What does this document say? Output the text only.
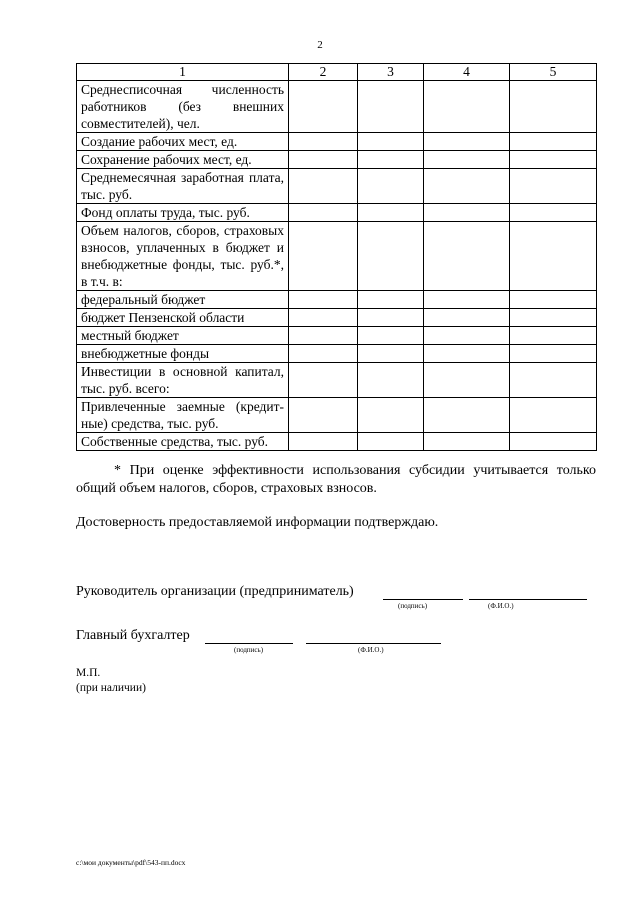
2
1	2	3	4	5
Среднесписочная численность работников (без внешних совместителей), чел.				
Создание рабочих мест, ед.				
Сохранение рабочих мест, ед.				
Среднемесячная заработная плата, тыс. руб.				
Фонд оплаты труда, тыс. руб.				
Объем налогов, сборов, страховых взносов, уплаченных в бюджет и внебюджетные фонды, тыс. руб.*, в т.ч. в:				
федеральный бюджет				
бюджет Пензенской области				
местный бюджет				
внебюджетные фонды				
Инвестиции в основной капитал, тыс. руб. всего:				
Привлеченные заемные (кредит-ные) средства, тыс. руб.				
Собственные средства, тыс. руб.				
* При оценке эффективности использования субсидии учитывается только общий объем налогов, сборов, страховых взносов.
Достоверность предоставляемой информации подтверждаю.
Руководитель организации (предприниматель)
(подпись)	(Ф.И.О.)
Главный бухгалтер
(подпись)	(Ф.И.О.)
М.П.
(при наличии)
c:\мои документы\pdf\543-пп.docx
